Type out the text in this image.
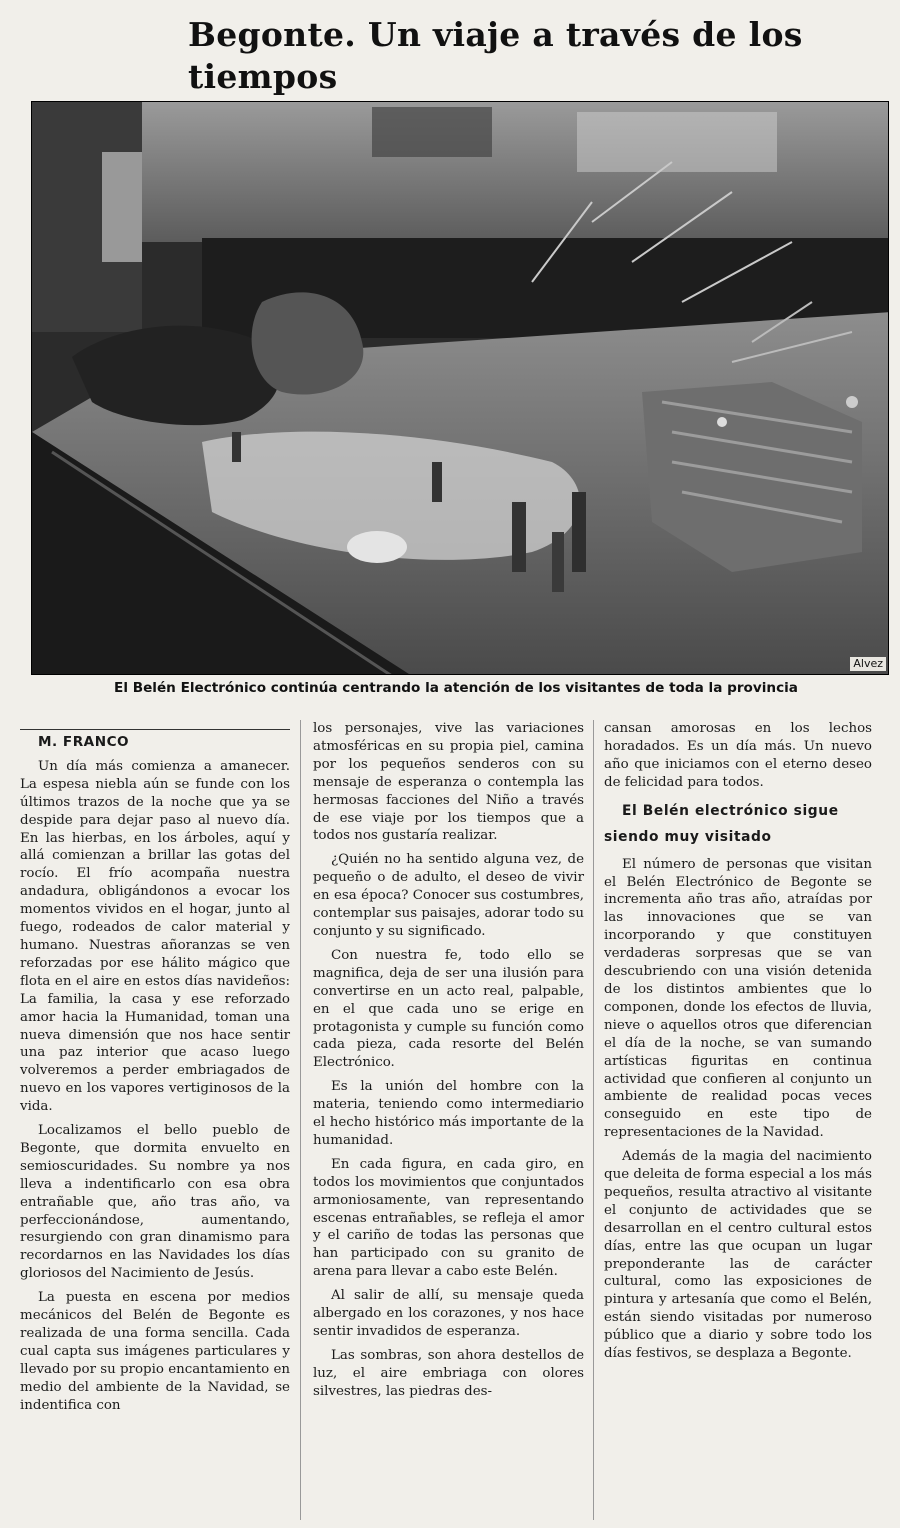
Begonte. Un viaje a través de los tiempos
Alvez

El Belén Electrónico continúa centrando la atención de los visitantes de toda la provincia

M. FRANCO

Un día más comienza a amanecer. La espesa niebla aún se funde con los últimos trazos de la noche que ya se despide para dejar paso al nuevo día. En las hierbas, en los árboles, aquí y allá comienzan a brillar las gotas del rocío. El frío acompaña nuestra andadura, obligándonos a evocar los momentos vividos en el hogar, junto al fuego, rodeados de calor material y humano. Nuestras añoranzas se ven reforzadas por ese hálito mágico que flota en el aire en estos días navideños: La familia, la casa y ese reforzado amor hacia la Humanidad, toman una nueva dimensión que nos hace sentir una paz interior que acaso luego volveremos a perder embriagados de nuevo en los vapores vertiginosos de la vida.

Localizamos el bello pueblo de Begonte, que dormita envuelto en semioscuridades. Su nombre ya nos lleva a indentificarlo con esa obra entrañable que, año tras año, va perfeccionándose, aumentando, resurgiendo con gran dinamismo para recordarnos en las Navidades los días gloriosos del Nacimiento de Jesús.

La puesta en escena por medios mecánicos del Belén de Begonte es realizada de una forma sencilla. Cada cual capta sus imágenes particulares y llevado por su propio encantamiento en medio del ambiente de la Navidad, se indentifica con

los personajes, vive las variaciones atmosféricas en su propia piel, camina por los pequeños senderos con su mensaje de esperanza o contempla las hermosas facciones del Niño a través de ese viaje por los tiempos que a todos nos gustaría realizar.

¿Quién no ha sentido alguna vez, de pequeño o de adulto, el deseo de vivir en esa época? Conocer sus costumbres, contemplar sus paisajes, adorar todo su conjunto y su significado.

Con nuestra fe, todo ello se magnifica, deja de ser una ilusión para convertirse en un acto real, palpable, en el que cada uno se erige en protagonista y cumple su función como cada pieza, cada resorte del Belén Electrónico.

Es la unión del hombre con la materia, teniendo como intermediario el hecho histórico más importante de la humanidad.

En cada figura, en cada giro, en todos los movimientos que conjuntados armoniosamente, van representando escenas entrañables, se refleja el amor y el cariño de todas las personas que han participado con su granito de arena para llevar a cabo este Belén.

Al salir de allí, su mensaje queda albergado en los corazones, y nos hace sentir invadidos de esperanza.

Las sombras, son ahora destellos de luz, el aire embriaga con olores silvestres, las piedras des-

cansan amorosas en los lechos horadados. Es un día más. Un nuevo año que iniciamos con el eterno deseo de felicidad para todos.

El Belén electrónico sigue siendo muy visitado

El número de personas que visitan el Belén Electrónico de Begonte se incrementa año tras año, atraídas por las innovaciones que se van incorporando y que constituyen verdaderas sorpresas que se van descubriendo con una visión detenida de los distintos ambientes que lo componen, donde los efectos de lluvia, nieve o aquellos otros que diferencian el día de la noche, se van sumando artísticas figuritas en continua actividad que confieren al conjunto un ambiente de realidad pocas veces conseguido en este tipo de representaciones de la Navidad.

Además de la magia del nacimiento que deleita de forma especial a los más pequeños, resulta atractivo al visitante el conjunto de actividades que se desarrollan en el centro cultural estos días, entre las que ocupan un lugar preponderante las de carácter cultural, como las exposiciones de pintura y artesanía que como el Belén, están siendo visitadas por numeroso público que a diario y sobre todo los días festivos, se desplaza a Begonte.
